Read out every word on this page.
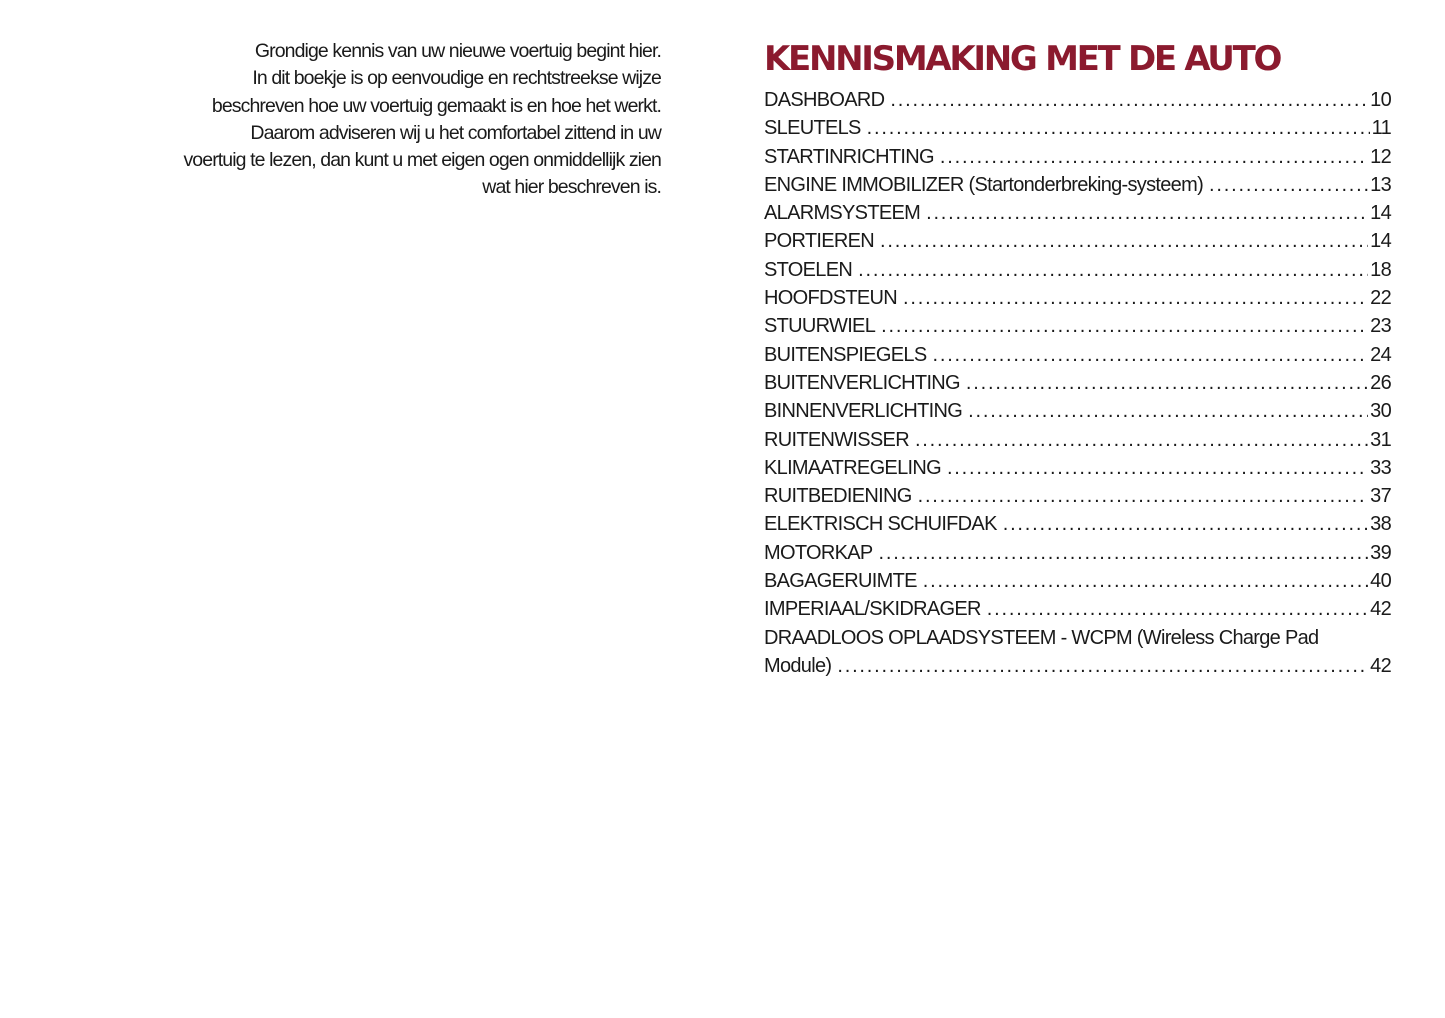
Grondige kennis van uw nieuwe voertuig begint hier.

In dit boekje is op eenvoudige en rechtstreekse wijze

beschreven hoe uw voertuig gemaakt is en hoe het werkt.

Daarom adviseren wij u het comfortabel zittend in uw

voertuig te lezen, dan kunt u met eigen ogen onmiddellijk zien

wat hier beschreven is.

KENNISMAKING MET DE AUTO
DASHBOARD .....	10
SLEUTELS .....	11
STARTINRICHTING .....	12
ENGINE IMMOBILIZER (Startonderbreking-systeem) .....	13
ALARMSYSTEEM .....	14
PORTIEREN .....	14
STOELEN .....	18
HOOFDSTEUN .....	22
STUURWIEL .....	23
BUITENSPIEGELS .....	24
BUITENVERLICHTING .....	26
BINNENVERLICHTING .....	30
RUITENWISSER .....	31
KLIMAATREGELING .....	33
RUITBEDIENING .....	37
ELEKTRISCH SCHUIFDAK .....	38
MOTORKAP .....	39
BAGAGERUIMTE .....	40
IMPERIAAL/SKIDRAGER .....	42
DRAADLOOS OPLAADSYSTEEM - WCPM (Wireless Charge Pad
Module) .....	42
